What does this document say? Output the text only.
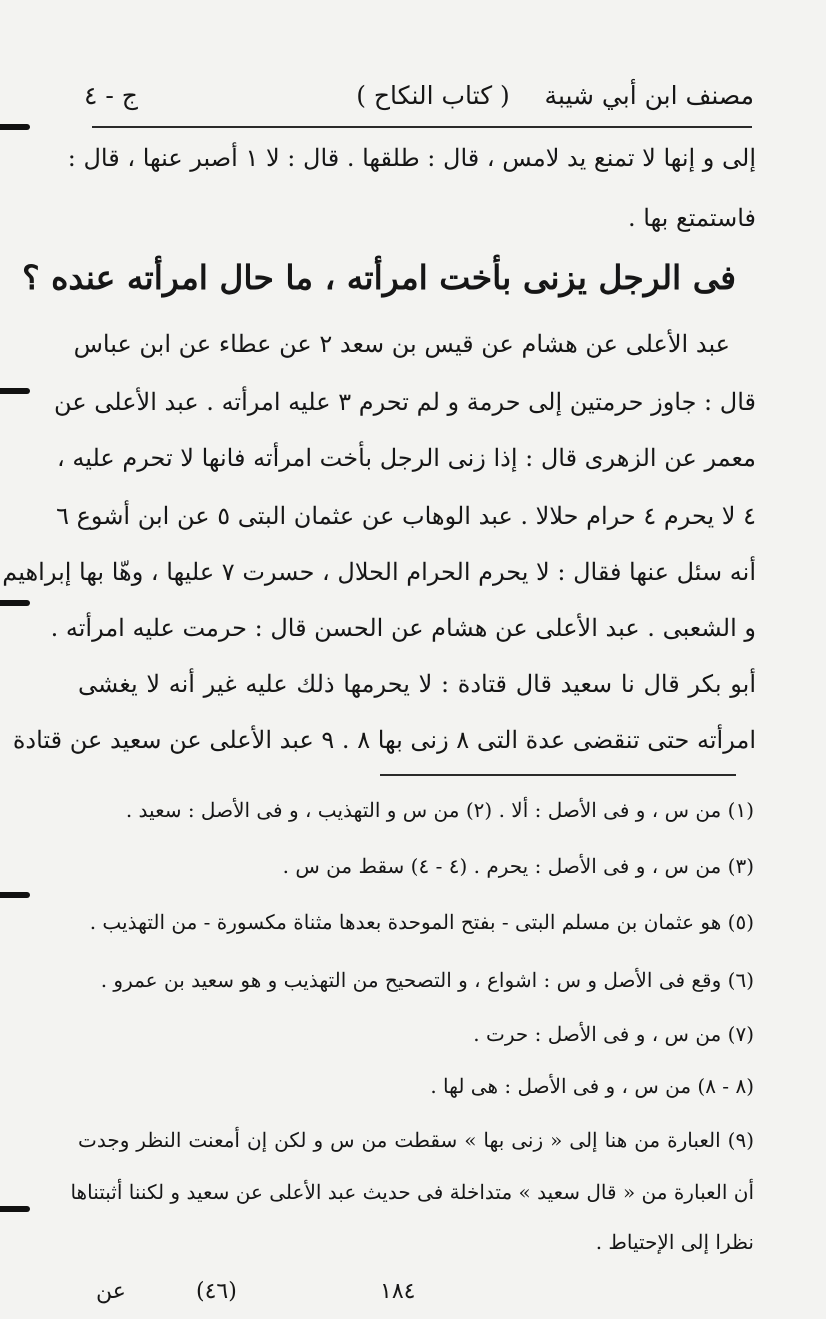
مصنف ابن أبي شيبة
( كتاب النكاح )
ج - ٤
إلى و إنها لا تمنع يد لامس ، قال : طلقها . قال : لا ١ أصبر عنها ، قال :
فاستمتع بها .
فى الرجل يزنى بأخت امرأته ، ما حال امرأته عنده ؟
عبد الأعلى عن هشام عن قيس بن سعد ٢ عن عطاء عن ابن عباس
قال : جاوز حرمتين إلى حرمة و لم تحرم ٣ عليه امرأته . عبد الأعلى عن
معمر عن الزهرى قال : إذا زنى الرجل بأخت امرأته فانها لا تحرم عليه ،
٤ لا يحرم ٤ حرام حلالا . عبد الوهاب عن عثمان البتى ٥ عن ابن أشوع ٦
أنه سئل عنها فقال : لا يحرم الحرام الحلال ، حسرت ٧ عليها ، وهّا بها إبراهيم
و الشعبى . عبد الأعلى عن هشام عن الحسن قال : حرمت عليه امرأته .
أبو بكر قال نا سعيد قال قتادة : لا يحرمها ذلك عليه غير أنه لا يغشى
امرأته حتى تنقضى عدة التى ٨ زنى بها ٨ . ٩ عبد الأعلى عن سعيد عن قتادة
(١) من س ، و فى الأصل : ألا . (٢) من س و التهذيب ، و فى الأصل : سعيد .
(٣) من س ، و فى الأصل : يحرم . (٤ - ٤) سقط من س .
(٥) هو عثمان بن مسلم البتى - بفتح الموحدة بعدها مثناة مكسورة - من التهذيب .
(٦) وقع فى الأصل و س : اشواع ، و التصحيح من التهذيب و هو سعيد بن عمرو .
(٧) من س ، و فى الأصل : حرت .
(٨ - ٨) من س ، و فى الأصل : هى لها .
(٩) العبارة من هنا إلى « زنى بها » سقطت من س و لكن إن أمعنت النظر وجدت
أن العبارة من « قال سعيد » متداخلة فى حديث عبد الأعلى عن سعيد و لكننا أثبتناها
نظرا إلى الإحتياط .
١٨٤
(٤٦)
عن
